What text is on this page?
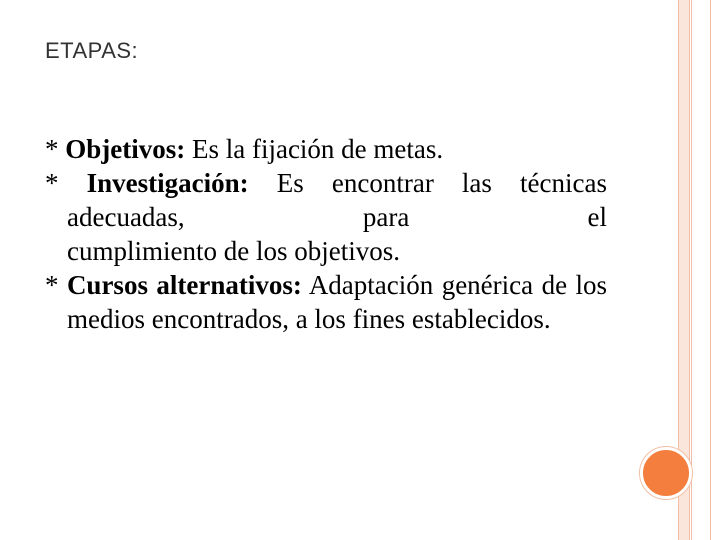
ETAPAS:

* Objetivos: Es la fijación de metas.

* Investigación: Es encontrar las técnicas adecuadas, para el

cumplimiento de los objetivos.

* Cursos alternativos: Adaptación genérica de los medios encontrados, a los fines establecidos.
